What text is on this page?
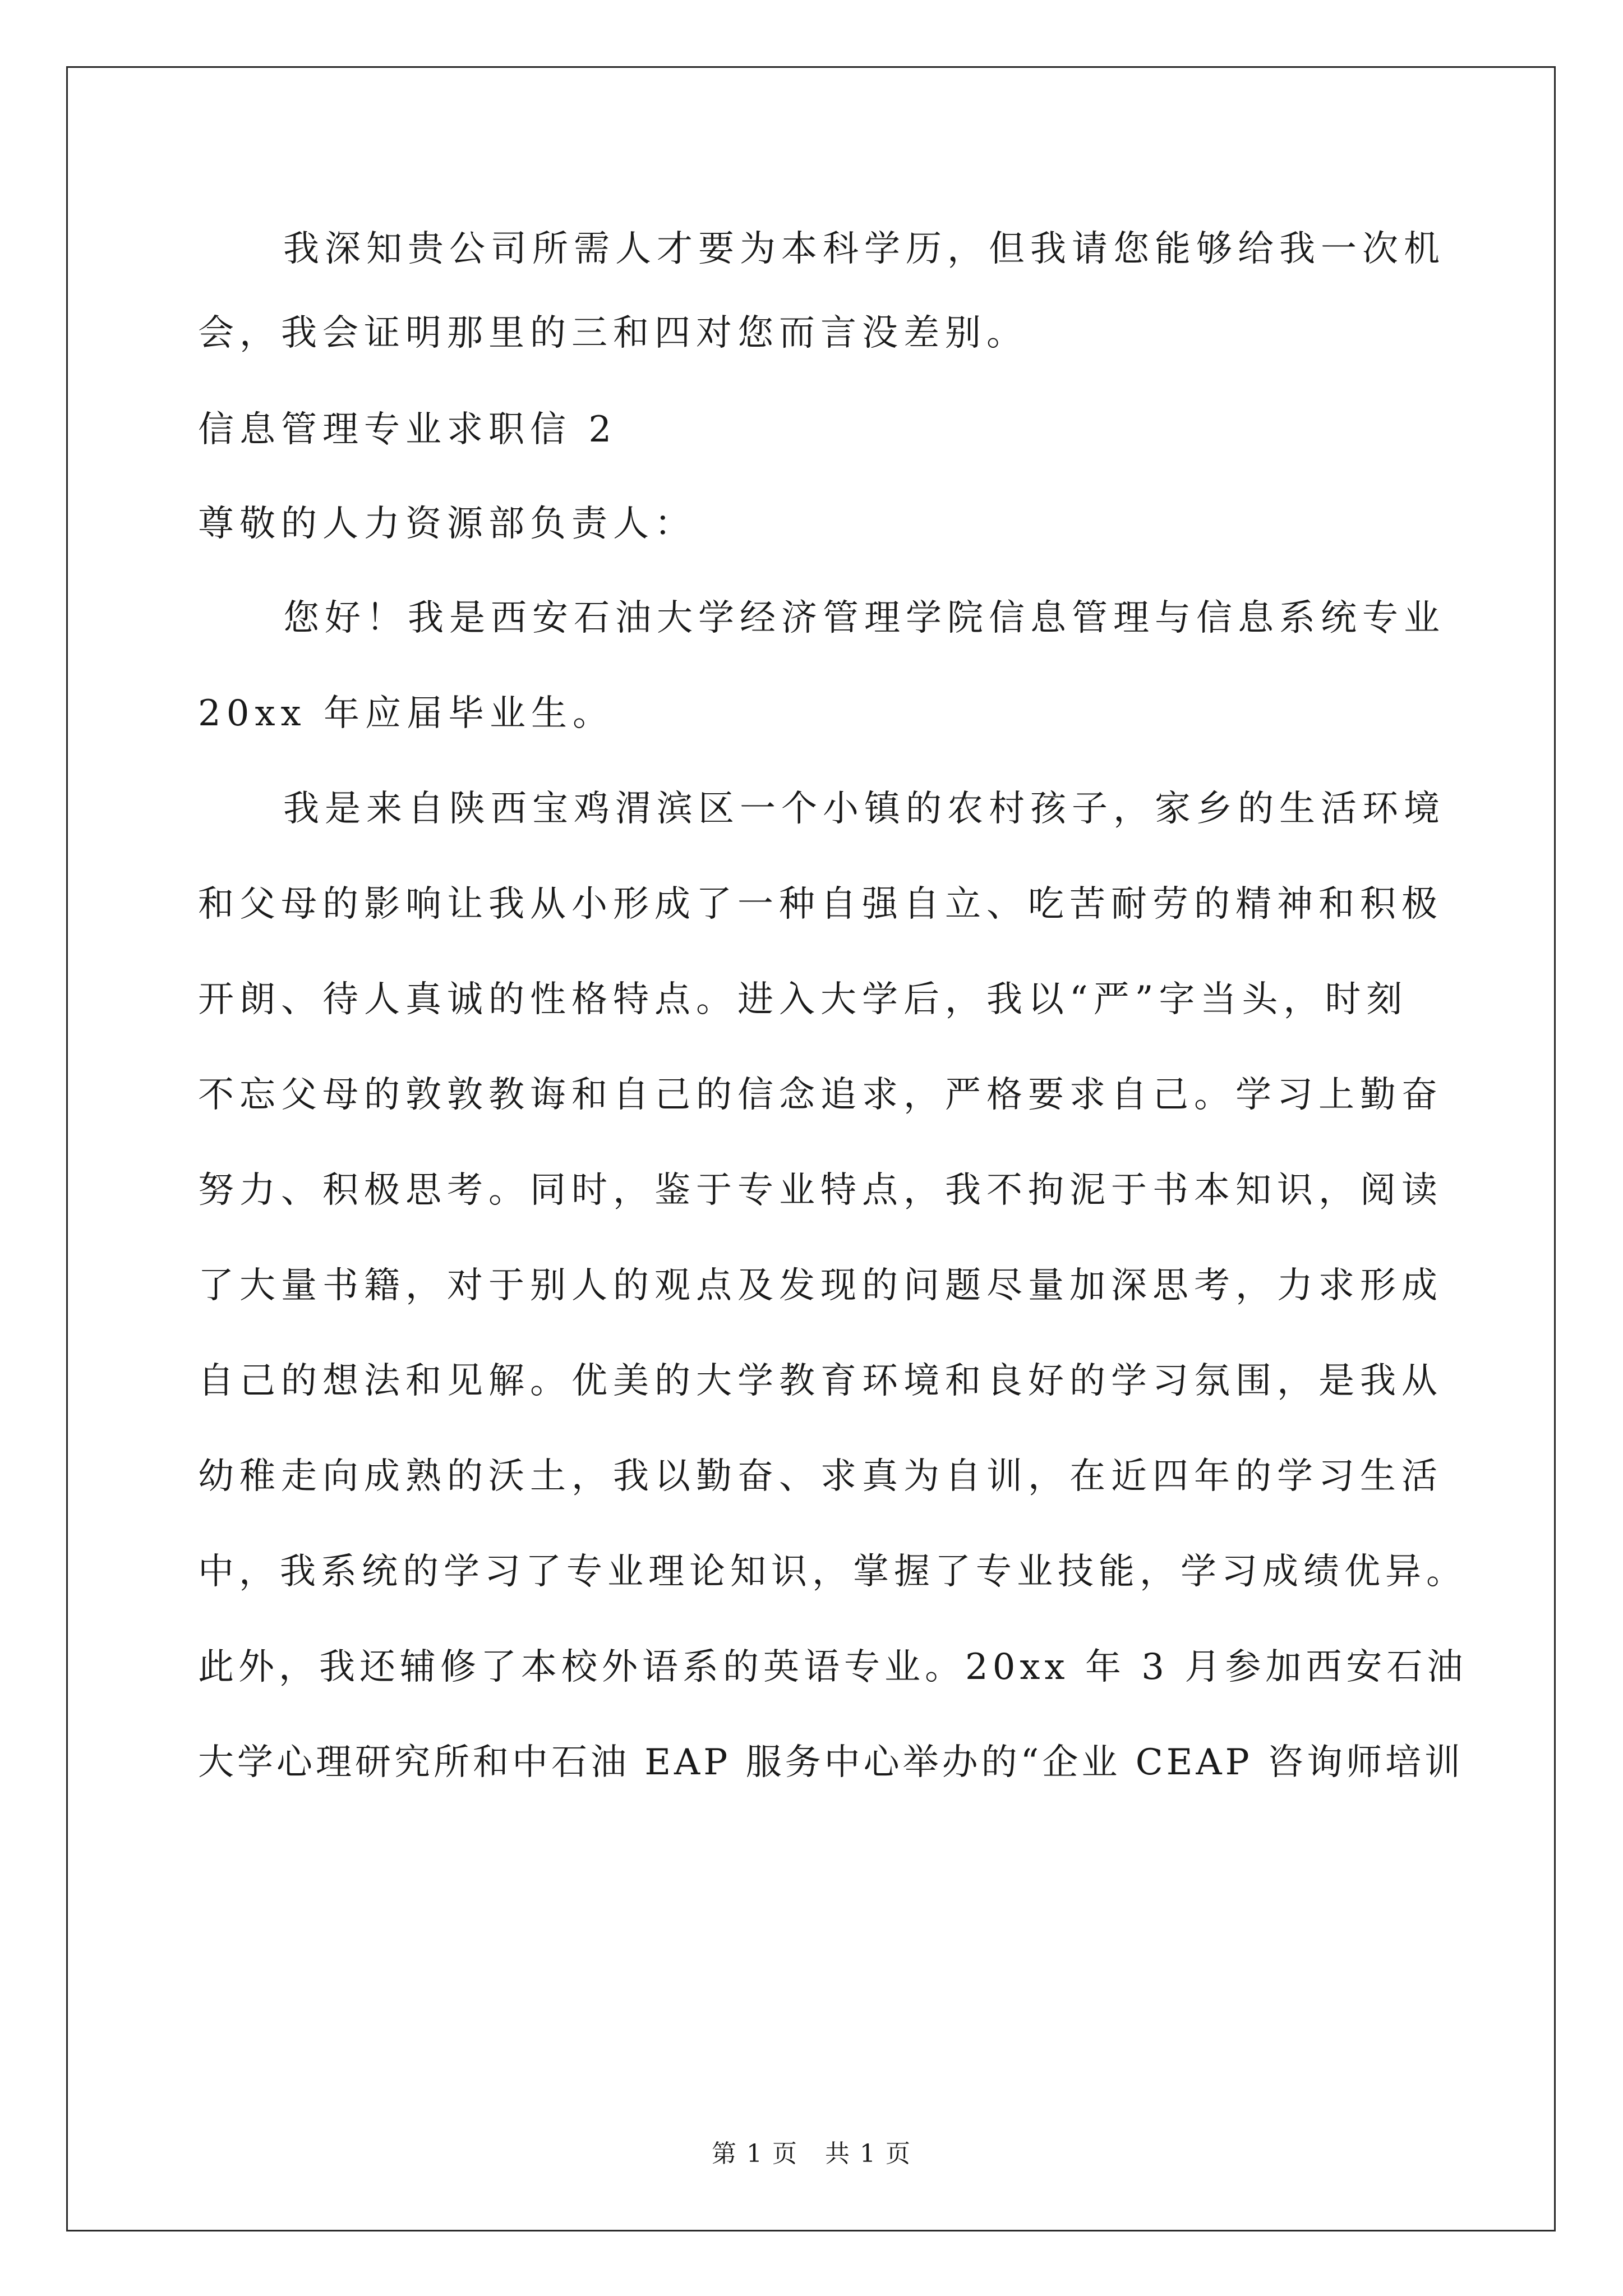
我深知贵公司所需人才要为本科学历，但我请您能够给我一次机
会，我会证明那里的三和四对您而言没差别。
信息管理专业求职信 2
尊敬的人力资源部负责人：
您好！我是西安石油大学经济管理学院信息管理与信息系统专业
20xx 年应届毕业生。
我是来自陕西宝鸡渭滨区一个小镇的农村孩子，家乡的生活环境
和父母的影响让我从小形成了一种自强自立、吃苦耐劳的精神和积极
开朗、待人真诚的性格特点。进入大学后，我以“严”字当头，时刻
不忘父母的敦敦教诲和自己的信念追求，严格要求自己。学习上勤奋
努力、积极思考。同时，鉴于专业特点，我不拘泥于书本知识，阅读
了大量书籍，对于别人的观点及发现的问题尽量加深思考，力求形成
自己的想法和见解。优美的大学教育环境和良好的学习氛围，是我从
幼稚走向成熟的沃土，我以勤奋、求真为自训，在近四年的学习生活
中，我系统的学习了专业理论知识，掌握了专业技能，学习成绩优异。
此外，我还辅修了本校外语系的英语专业。20xx 年 3 月参加西安石油
大学心理研究所和中石油 EAP 服务中心举办的“企业 CEAP 咨询师培训
第 1 页   共 1 页
